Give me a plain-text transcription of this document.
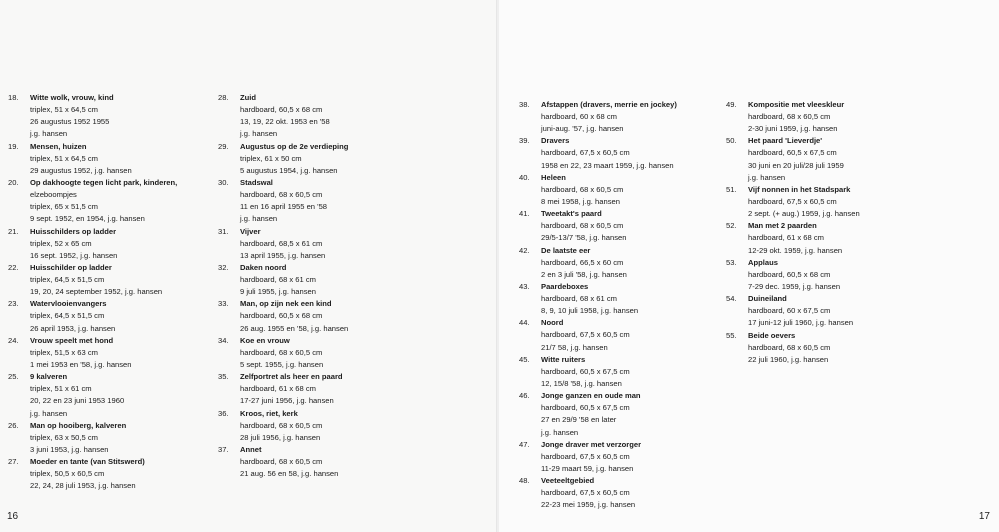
18.	Witte wolk, vrouw, kind
triplex, 51 x 64,5 cm
26 augustus 1952 1955
j.g. hansen
19.	Mensen, huizen
triplex, 51 x 64,5 cm
29 augustus 1952, j.g. hansen
20.	Op dakhoogte tegen licht park, kinderen,
elzeboompjes
triplex, 65 x 51,5 cm
9 sept. 1952, en 1954, j.g. hansen
21.	Huisschilders op ladder
triplex, 52 x 65 cm
16 sept. 1952, j.g. hansen
22.	Huisschilder op ladder
triplex, 64,5 x 51,5 cm
19, 20, 24 september 1952, j.g. hansen
23.	Watervlooienvangers
triplex, 64,5 x 51,5 cm
26 april 1953, j.g. hansen
24.	Vrouw speelt met hond
triplex, 51,5 x 63 cm
1 mei 1953 en '58, j.g. hansen
25.	9 kalveren
triplex, 51 x 61 cm
20, 22 en 23 juni 1953 1960
j.g. hansen
26.	Man op hooiberg, kalveren
triplex, 63 x 50,5 cm
3 juni 1953, j.g. hansen
27.	Moeder en tante (van Stitswerd)
triplex, 50,5 x 60,5 cm
22, 24, 28 juli 1953, j.g. hansen
28.	Zuid
hardboard, 60,5 x 68 cm
13, 19, 22 okt. 1953 en '58
j.g. hansen
29.	Augustus op de 2e verdieping
triplex, 61 x 50 cm
5 augustus 1954, j.g. hansen
30.	Stadswal
hardboard, 68 x 60,5 cm
11 en 16 april 1955 en '58
j.g. hansen
31.	Vijver
hardboard, 68,5 x 61 cm
13 april 1955, j.g. hansen
32.	Daken noord
hardboard, 68 x 61 cm
9 juli 1955, j.g. hansen
33.	Man, op zijn nek een kind
hardboard, 60,5 x 68 cm
26 aug. 1955 en '58, j.g. hansen
34.	Koe en vrouw
hardboard, 68 x 60,5 cm
5 sept. 1955, j.g. hansen
35.	Zelfportret als heer en paard
hardboard, 61 x 68 cm
17-27 juni 1956, j.g. hansen
36.	Kroos, riet, kerk
hardboard, 68 x 60,5 cm
28 juli 1956, j.g. hansen
37.	Annet
hardboard, 68 x 60,5 cm
21 aug. 56 en 58, j.g. hansen
16
38.	Afstappen (dravers, merrie en jockey)
hardboard, 60 x 68 cm
juni-aug. '57, j.g. hansen
39.	Dravers
hardboard, 67,5 x 60,5 cm
1958 en 22, 23 maart 1959, j.g. hansen
40.	Heleen
hardboard, 68 x 60,5 cm
8 mei 1958, j.g. hansen
41.	Tweetakt's paard
hardboard, 68 x 60,5 cm
29/5-13/7 '58, j.g. hansen
42.	De laatste eer
hardboard, 66,5 x 60 cm
2 en 3 juli '58, j.g. hansen
43.	Paardeboxes
hardboard, 68 x 61 cm
8, 9, 10 juli 1958, j.g. hansen
44.	Noord
hardboard, 67,5 x 60,5 cm
21/7 58, j.g. hansen
45.	Witte ruiters
hardboard, 60,5 x 67,5 cm
12, 15/8 '58, j.g. hansen
46.	Jonge ganzen en oude man
hardboard, 60,5 x 67,5 cm
27 en 29/9 '58 en later
j.g. hansen
47.	Jonge draver met verzorger
hardboard, 67,5 x 60,5 cm
11-29 maart 59, j.g. hansen
48.	Veeteeltgebied
hardboard, 67,5 x 60,5 cm
22-23 mei 1959, j.g. hansen
49.	Kompositie met vleeskleur
hardboard, 68 x 60,5 cm
2-30 juni 1959, j.g. hansen
50.	Het paard 'Lieverdje'
hardboard, 60,5 x 67,5 cm
30 juni en 20 juli/28 juli 1959
j.g. hansen
51.	Vijf nonnen in het Stadspark
hardboard, 67,5 x 60,5 cm
2 sept. (+ aug.) 1959, j.g. hansen
52.	Man met 2 paarden
hardboard, 61 x 68 cm
12-29 okt. 1959, j.g. hansen
53.	Applaus
hardboard, 60,5 x 68 cm
7-29 dec. 1959, j.g. hansen
54.	Duineiland
hardboard, 60 x 67,5 cm
17 juni-12 juli 1960, j.g. hansen
55.	Beide oevers
hardboard, 68 x 60,5 cm
22 juli 1960, j.g. hansen
17
